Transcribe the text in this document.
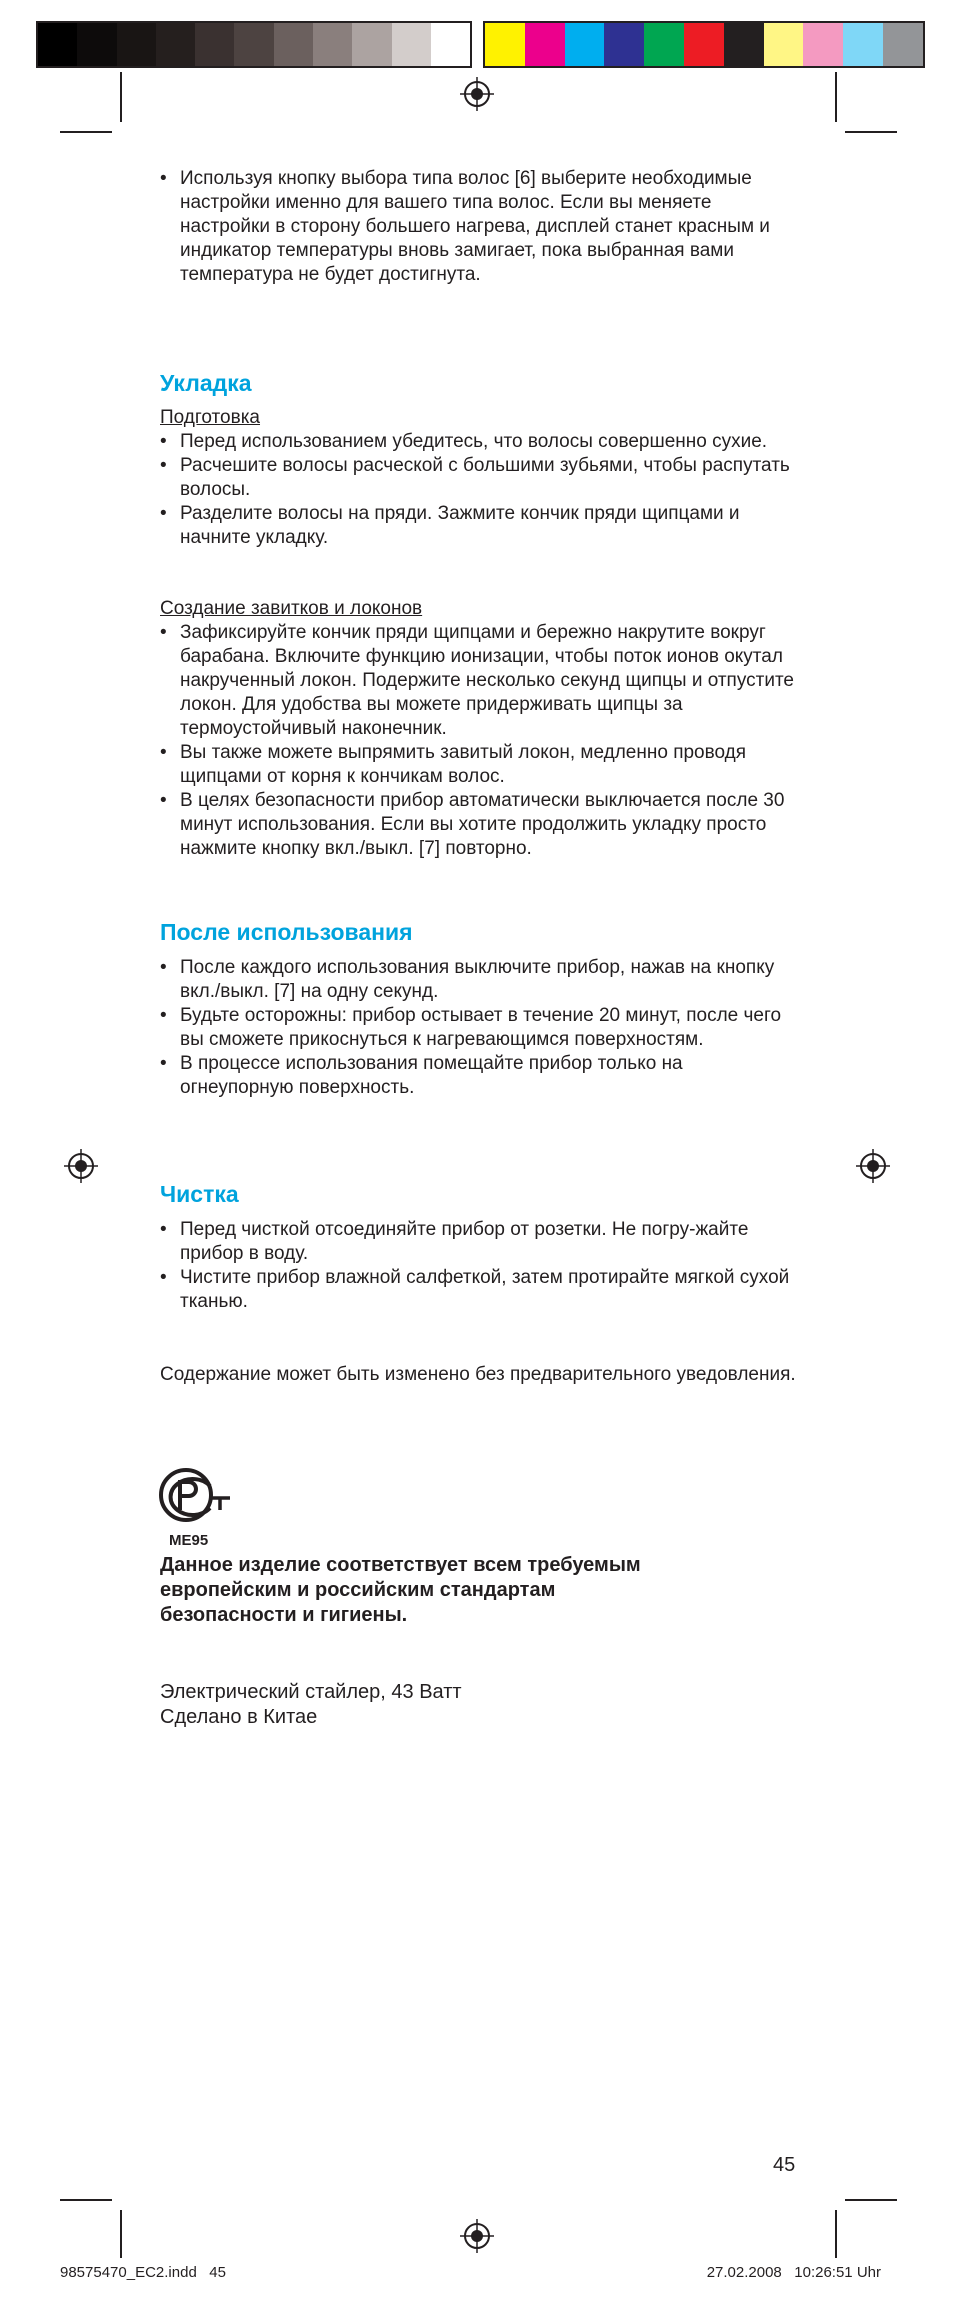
• Используя кнопку выбора типа волос [6] выберите необходимые настройки именно для вашего типа волос. Если вы меняете настройки в сторону большего нагрева, дисплей станет красным и индикатор температуры вновь замигает, пока выбранная вами температура не будет достигнута.
Укладка

Подготовка

• Перед использованием убедитесь, что волосы совершенно сухие.
• Расчешите волосы расческой с большими зубьями, чтобы распутать волосы.
• Разделите волосы на пряди. Зажмите кончик пряди щипцами и начните укладку.

Создание завитков и локонов

• Зафиксируйте кончик пряди щипцами и бережно накрутите вокруг барабана. Включите функцию ионизации, чтобы поток ионов окутал накрученный локон. Подержите несколько секунд щипцы и отпустите локон. Для удобства вы можете придерживать щипцы за термоустойчивый наконечник.
• Вы также можете выпрямить завитый локон, медленно проводя щипцами от корня к кончикам волос.
• В целях безопасности прибор автоматически выключается после 30 минут использования. Если вы хотите продолжить укладку просто нажмите кнопку вкл./выкл. [7] повторно.
После использования
• После каждого использования выключите прибор, нажав на кнопку вкл./выкл. [7] на одну секунд.
• Будьте осторожны: прибор остывает в течение 20 минут, после чего вы сможете прикоснуться к нагревающимся поверхностям.
• В процессе использования помещайте прибор только на огнеупорную поверхность.
Чистка
• Перед чисткой отсоединяйте прибор от розетки. Не погру-жайте прибор в воду.
• Чистите прибор влажной салфеткой, затем протирайте мягкой сухой тканью.

Содержание может быть изменено без предварительного уведовления.

ME95

Данное изделие соответствует всем требуемым европейским и российским стандартам безопасности и гигиены.

Электрический стайлер, 43 Ватт

Сделано в Китае

45
98575470_EC2.indd   45	27.02.2008   10:26:51 Uhr
